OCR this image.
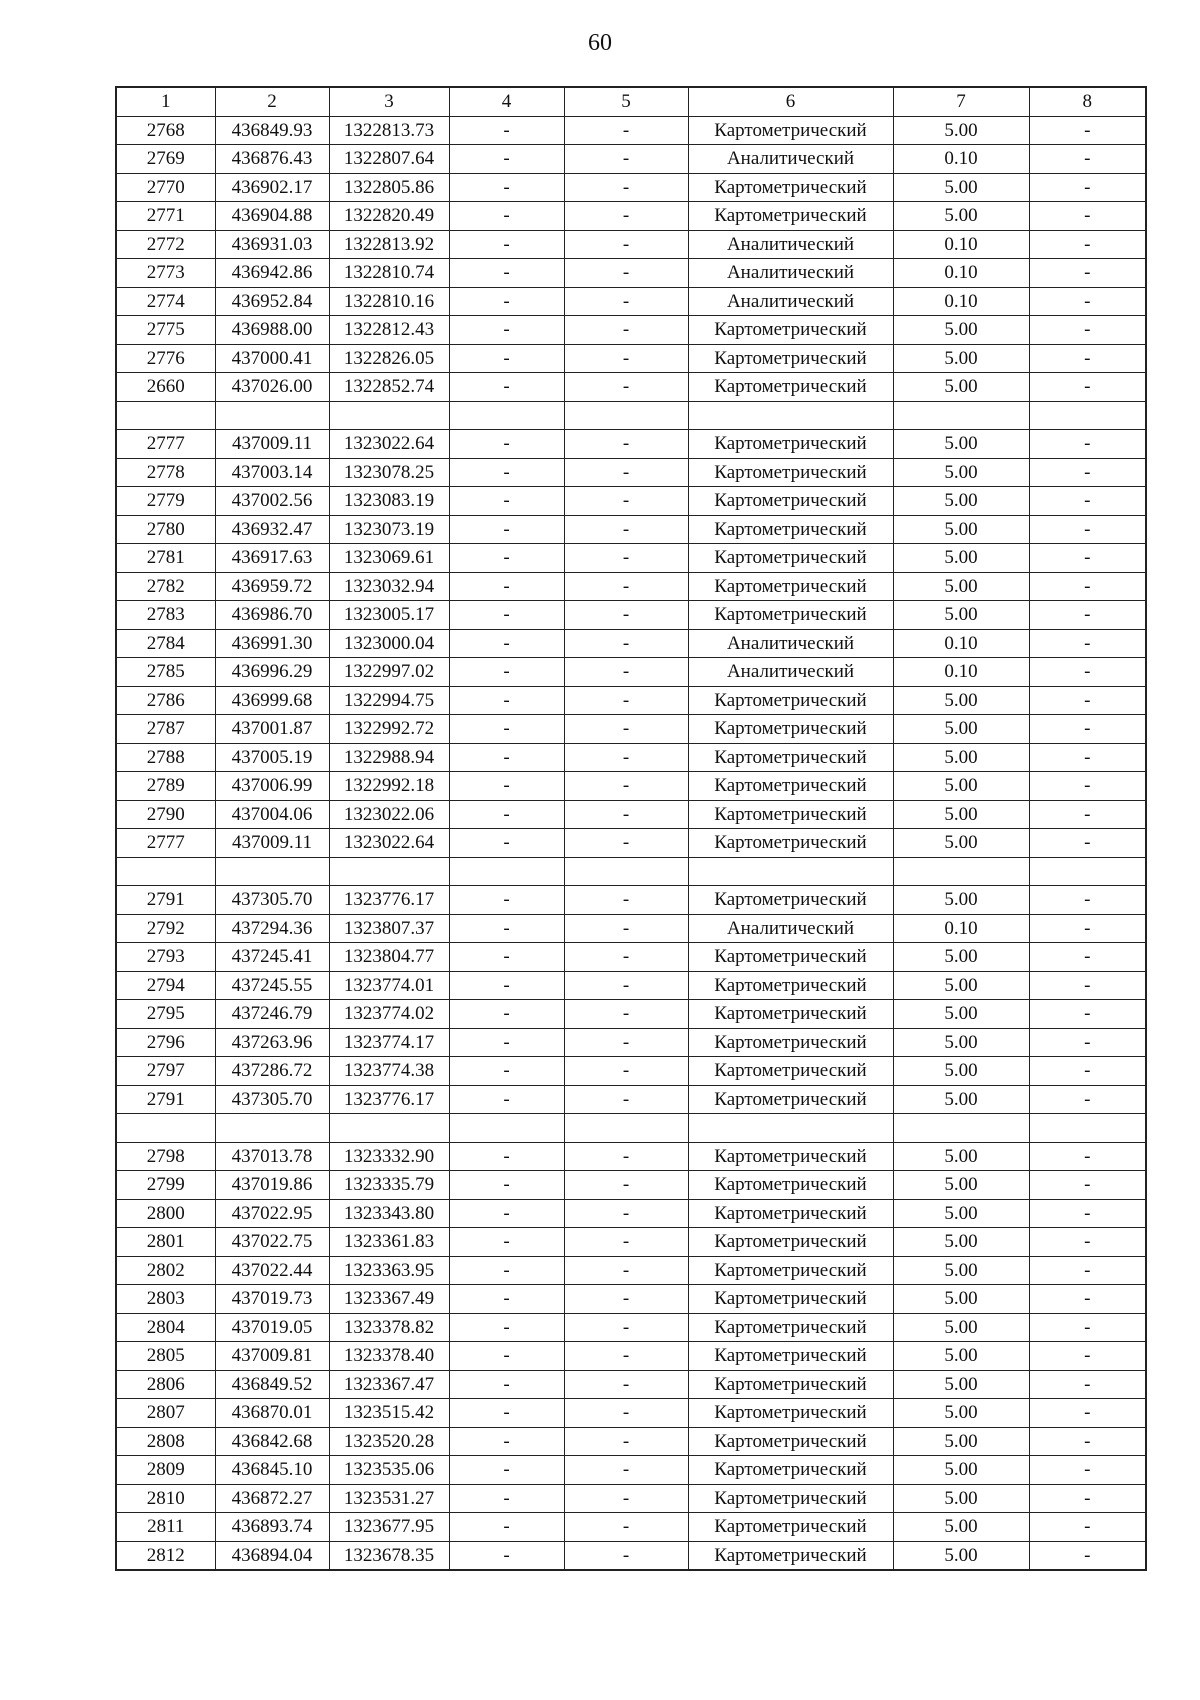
60
1	2	3	4	5	6	7	8
2768	436849.93	1322813.73	-	-	Картометрический	5.00	-
2769	436876.43	1322807.64	-	-	Аналитический	0.10	-
2770	436902.17	1322805.86	-	-	Картометрический	5.00	-
2771	436904.88	1322820.49	-	-	Картометрический	5.00	-
2772	436931.03	1322813.92	-	-	Аналитический	0.10	-
2773	436942.86	1322810.74	-	-	Аналитический	0.10	-
2774	436952.84	1322810.16	-	-	Аналитический	0.10	-
2775	436988.00	1322812.43	-	-	Картометрический	5.00	-
2776	437000.41	1322826.05	-	-	Картометрический	5.00	-
2660	437026.00	1322852.74	-	-	Картометрический	5.00	-

2777	437009.11	1323022.64	-	-	Картометрический	5.00	-
2778	437003.14	1323078.25	-	-	Картометрический	5.00	-
2779	437002.56	1323083.19	-	-	Картометрический	5.00	-
2780	436932.47	1323073.19	-	-	Картометрический	5.00	-
2781	436917.63	1323069.61	-	-	Картометрический	5.00	-
2782	436959.72	1323032.94	-	-	Картометрический	5.00	-
2783	436986.70	1323005.17	-	-	Картометрический	5.00	-
2784	436991.30	1323000.04	-	-	Аналитический	0.10	-
2785	436996.29	1322997.02	-	-	Аналитический	0.10	-
2786	436999.68	1322994.75	-	-	Картометрический	5.00	-
2787	437001.87	1322992.72	-	-	Картометрический	5.00	-
2788	437005.19	1322988.94	-	-	Картометрический	5.00	-
2789	437006.99	1322992.18	-	-	Картометрический	5.00	-
2790	437004.06	1323022.06	-	-	Картометрический	5.00	-
2777	437009.11	1323022.64	-	-	Картометрический	5.00	-

2791	437305.70	1323776.17	-	-	Картометрический	5.00	-
2792	437294.36	1323807.37	-	-	Аналитический	0.10	-
2793	437245.41	1323804.77	-	-	Картометрический	5.00	-
2794	437245.55	1323774.01	-	-	Картометрический	5.00	-
2795	437246.79	1323774.02	-	-	Картометрический	5.00	-
2796	437263.96	1323774.17	-	-	Картометрический	5.00	-
2797	437286.72	1323774.38	-	-	Картометрический	5.00	-
2791	437305.70	1323776.17	-	-	Картометрический	5.00	-

2798	437013.78	1323332.90	-	-	Картометрический	5.00	-
2799	437019.86	1323335.79	-	-	Картометрический	5.00	-
2800	437022.95	1323343.80	-	-	Картометрический	5.00	-
2801	437022.75	1323361.83	-	-	Картометрический	5.00	-
2802	437022.44	1323363.95	-	-	Картометрический	5.00	-
2803	437019.73	1323367.49	-	-	Картометрический	5.00	-
2804	437019.05	1323378.82	-	-	Картометрический	5.00	-
2805	437009.81	1323378.40	-	-	Картометрический	5.00	-
2806	436849.52	1323367.47	-	-	Картометрический	5.00	-
2807	436870.01	1323515.42	-	-	Картометрический	5.00	-
2808	436842.68	1323520.28	-	-	Картометрический	5.00	-
2809	436845.10	1323535.06	-	-	Картометрический	5.00	-
2810	436872.27	1323531.27	-	-	Картометрический	5.00	-
2811	436893.74	1323677.95	-	-	Картометрический	5.00	-
2812	436894.04	1323678.35	-	-	Картометрический	5.00	-
